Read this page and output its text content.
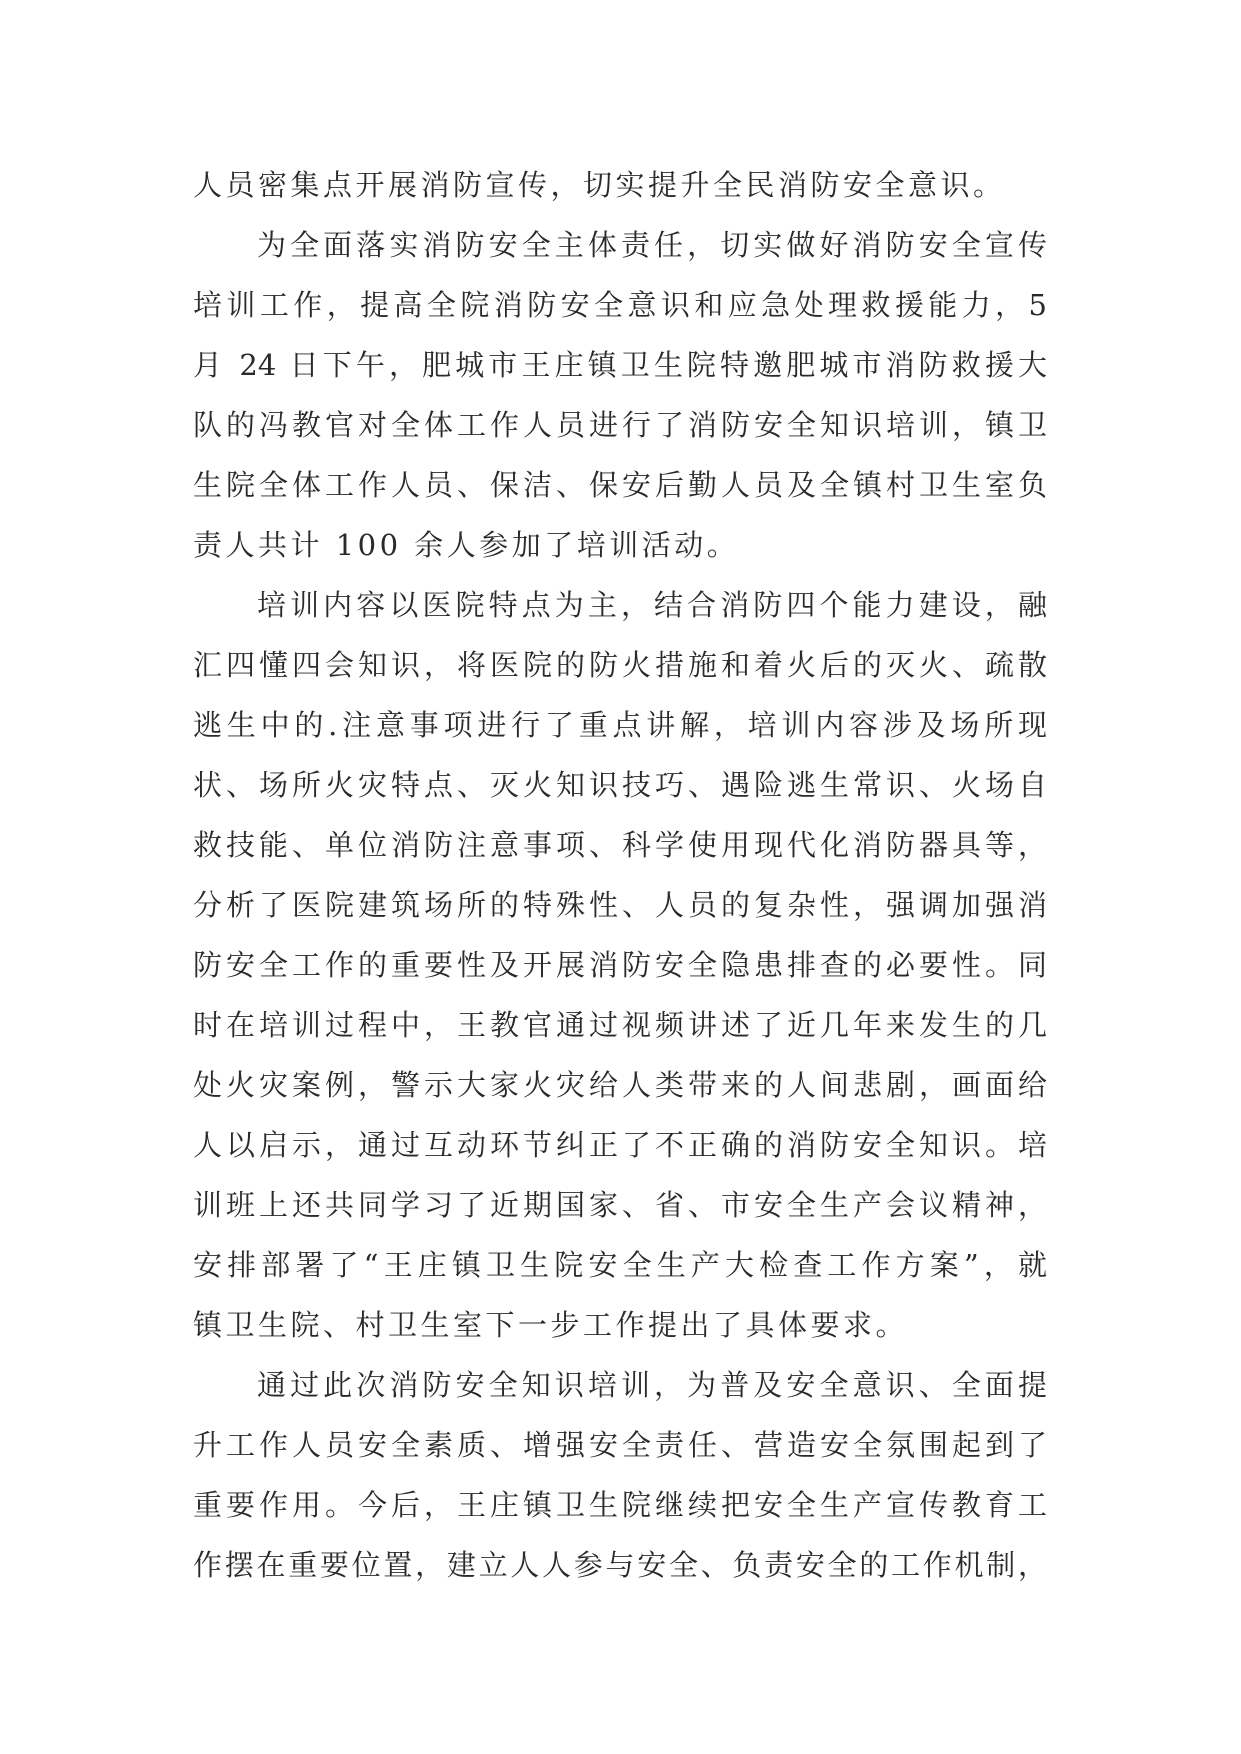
人员密集点开展消防宣传，切实提升全民消防安全意识。
为全面落实消防安全主体责任，切实做好消防安全宣传
培训工作，提高全院消防安全意识和应急处理救援能力，5
月 24 日下午，肥城市王庄镇卫生院特邀肥城市消防救援大
队的冯教官对全体工作人员进行了消防安全知识培训，镇卫
生院全体工作人员、保洁、保安后勤人员及全镇村卫生室负
责人共计 100 余人参加了培训活动。
培训内容以医院特点为主，结合消防四个能力建设，融
汇四懂四会知识，将医院的防火措施和着火后的灭火、疏散
逃生中的.注意事项进行了重点讲解，培训内容涉及场所现
状、场所火灾特点、灭火知识技巧、遇险逃生常识、火场自
救技能、单位消防注意事项、科学使用现代化消防器具等，
分析了医院建筑场所的特殊性、人员的复杂性，强调加强消
防安全工作的重要性及开展消防安全隐患排查的必要性。同
时在培训过程中，王教官通过视频讲述了近几年来发生的几
处火灾案例，警示大家火灾给人类带来的人间悲剧，画面给
人以启示，通过互动环节纠正了不正确的消防安全知识。培
训班上还共同学习了近期国家、省、市安全生产会议精神，
安排部署了“王庄镇卫生院安全生产大检查工作方案”，就
镇卫生院、村卫生室下一步工作提出了具体要求。
通过此次消防安全知识培训，为普及安全意识、全面提
升工作人员安全素质、增强安全责任、营造安全氛围起到了
重要作用。今后，王庄镇卫生院继续把安全生产宣传教育工
作摆在重要位置，建立人人参与安全、负责安全的工作机制，
